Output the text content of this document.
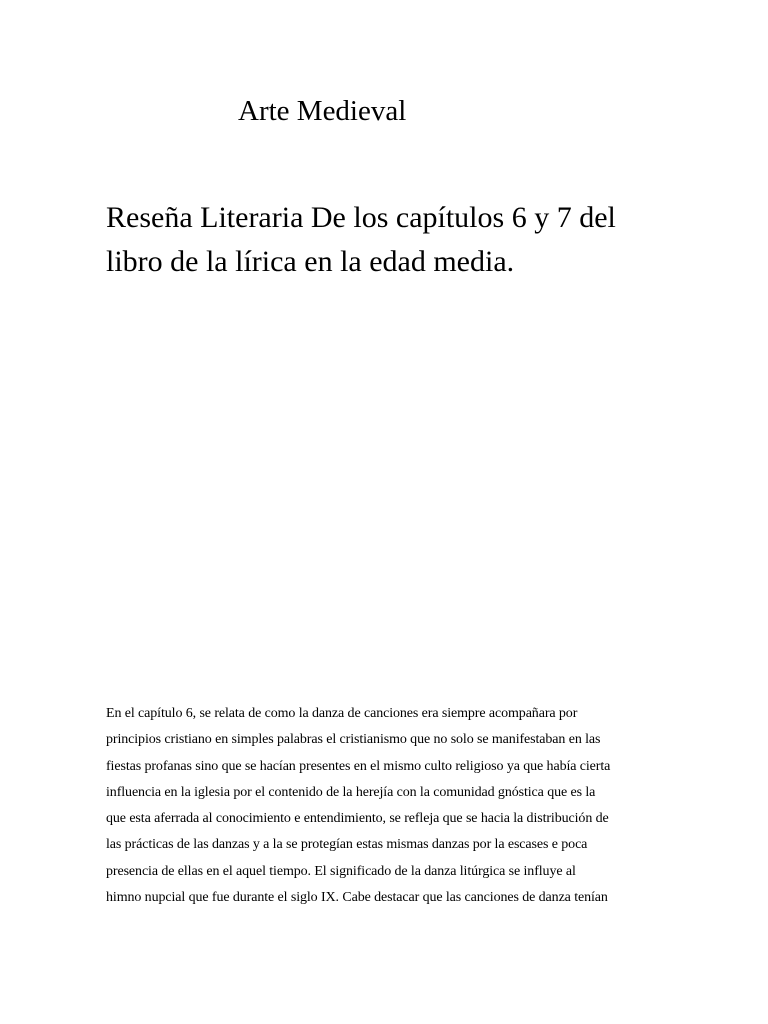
Arte Medieval
Reseña Literaria De los capítulos 6 y 7 del
libro de la lírica en la edad media.

En el capítulo 6, se relata de como la danza de canciones era siempre acompañara por
principios cristiano en simples palabras el cristianismo que no solo se manifestaban en las
fiestas profanas sino que se hacían presentes en el mismo culto religioso ya que había cierta
influencia en la iglesia por el contenido de la herejía con la comunidad gnóstica que es la
que esta aferrada al conocimiento e entendimiento, se refleja que se hacia la distribución de
las prácticas de las danzas y a la se protegían estas mismas danzas por la escases e poca
presencia de ellas en el aquel tiempo. El significado de la danza litúrgica se influye al
himno nupcial que fue durante el siglo IX. Cabe destacar que las canciones de danza tenían
